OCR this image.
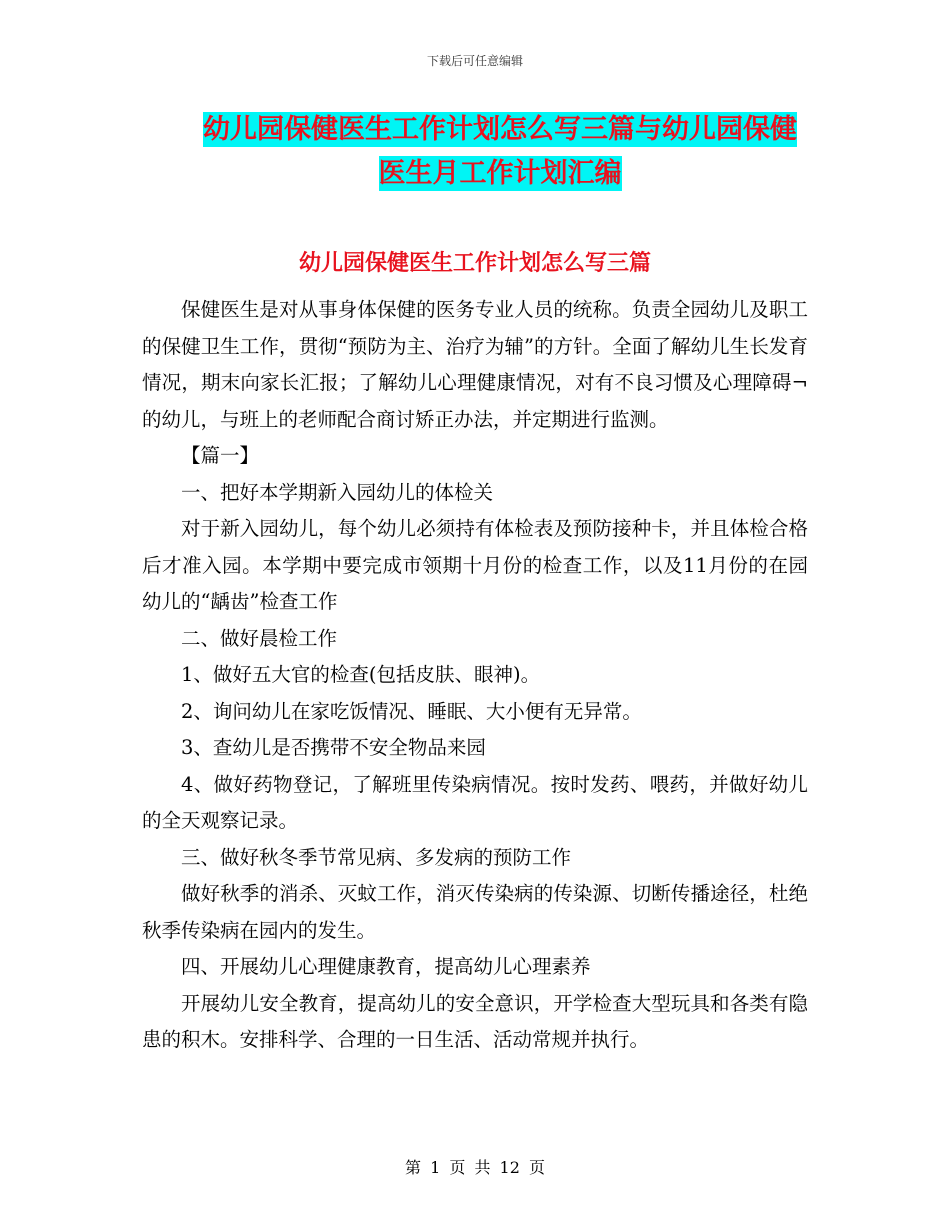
下载后可任意编辑
幼儿园保健医生工作计划怎么写三篇与幼儿园保健医生月工作计划汇编
幼儿园保健医生工作计划怎么写三篇

保健医生是对从事身体保健的医务专业人员的统称。负责全园幼儿及职工的保健卫生工作，贯彻“预防为主、治疗为辅”的方针。全面了解幼儿生长发育情况，期末向家长汇报；了解幼儿心理健康情况，对有不良习惯及心理障碍¬的幼儿，与班上的老师配合商讨矫正办法，并定期进行监测。

【篇一】

一、把好本学期新入园幼儿的体检关

对于新入园幼儿，每个幼儿必须持有体检表及预防接种卡，并且体检合格后才准入园。本学期中要完成市领期十月份的检查工作，以及11月份的在园幼儿的“龋齿”检查工作

二、做好晨检工作

1、做好五大官的检查(包括皮肤、眼神)。

2、询问幼儿在家吃饭情况、睡眠、大小便有无异常。

3、查幼儿是否携带不安全物品来园

4、做好药物登记，了解班里传染病情况。按时发药、喂药，并做好幼儿的全天观察记录。

三、做好秋冬季节常见病、多发病的预防工作

做好秋季的消杀、灭蚊工作，消灭传染病的传染源、切断传播途径，杜绝秋季传染病在园内的发生。

四、开展幼儿心理健康教育，提高幼儿心理素养

开展幼儿安全教育，提高幼儿的安全意识，开学检查大型玩具和各类有隐患的积木。安排科学、合理的一日生活、活动常规并执行。

第 1 页 共 12 页
